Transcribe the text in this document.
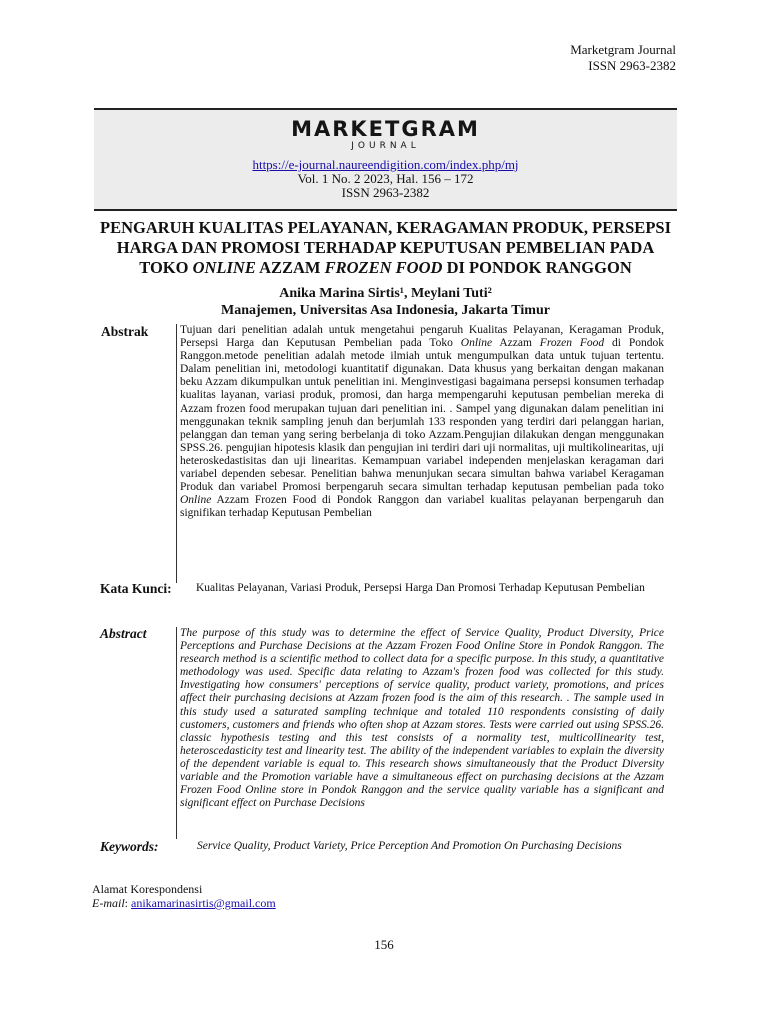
Marketgram Journal
ISSN 2963-2382
MARKETGRAM
JOURNAL
https://e-journal.naureendigition.com/index.php/mj
Vol. 1 No. 2 2023, Hal. 156 – 172
ISSN 2963-2382
PENGARUH KUALITAS PELAYANAN, KERAGAMAN PRODUK, PERSEPSI
HARGA DAN PROMOSI TERHADAP KEPUTUSAN PEMBELIAN PADA
TOKO ONLINE AZZAM FROZEN FOOD DI PONDOK RANGGON
Anika Marina Sirtis¹, Meylani Tuti²
Manajemen, Universitas Asa Indonesia, Jakarta Timur
Abstrak	Tujuan dari penelitian adalah untuk mengetahui pengaruh Kualitas Pelayanan, Keragaman Produk, Persepsi Harga dan Keputusan Pembelian pada Toko Online Azzam Frozen Food di Pondok Ranggon.metode penelitian adalah metode ilmiah untuk mengumpulkan data untuk tujuan tertentu. Dalam penelitian ini, metodologi kuantitatif digunakan. Data khusus yang berkaitan dengan makanan beku Azzam dikumpulkan untuk penelitian ini. Menginvestigasi bagaimana persepsi konsumen terhadap kualitas layanan, variasi produk, promosi, dan harga mempengaruhi keputusan pembelian mereka di Azzam frozen food merupakan tujuan dari penelitian ini. . Sampel yang digunakan dalam penelitian ini menggunakan teknik sampling jenuh dan berjumlah 133 responden yang terdiri dari pelanggan harian, pelanggan dan teman yang sering berbelanja di toko Azzam.Pengujian dilakukan dengan menggunakan SPSS.26. pengujian hipotesis klasik dan pengujian ini terdiri dari uji normalitas, uji multikolinearitas, uji heteroskedastisitas dan uji linearitas. Kemampuan variabel independen menjelaskan keragaman dari variabel dependen sebesar. Penelitian bahwa menunjukan secara simultan bahwa variabel Keragaman Produk dan variabel Promosi berpengaruh secara simultan terhadap keputusan pembelian pada toko Online Azzam Frozen Food di Pondok Ranggon dan variabel kualitas pelayanan berpengaruh dan signifikan terhadap Keputusan Pembelian
Kata Kunci:	Kualitas Pelayanan, Variasi Produk, Persepsi Harga Dan Promosi Terhadap Keputusan Pembelian
Abstract	The purpose of this study was to determine the effect of Service Quality, Product Diversity, Price Perceptions and Purchase Decisions at the Azzam Frozen Food Online Store in Pondok Ranggon. The research method is a scientific method to collect data for a specific purpose. In this study, a quantitative methodology was used. Specific data relating to Azzam's frozen food was collected for this study. Investigating how consumers' perceptions of service quality, product variety, promotions, and prices affect their purchasing decisions at Azzam frozen food is the aim of this research. . The sample used in this study used a saturated sampling technique and totaled 110 respondents consisting of daily customers, customers and friends who often shop at Azzam stores. Tests were carried out using SPSS.26. classic hypothesis testing and this test consists of a normality test, multicollinearity test, heteroscedasticity test and linearity test. The ability of the independent variables to explain the diversity of the dependent variable is equal to. This research shows simultaneously that the Product Diversity variable and the Promotion variable have a simultaneous effect on purchasing decisions at the Azzam Frozen Food Online store in Pondok Ranggon and the service quality variable has a significant and significant effect on Purchase Decisions
Keywords:	Service Quality, Product Variety, Price Perception And Promotion On Purchasing Decisions
Alamat Korespondensi
E-mail: anikamarinasirtis@gmail.com
156
